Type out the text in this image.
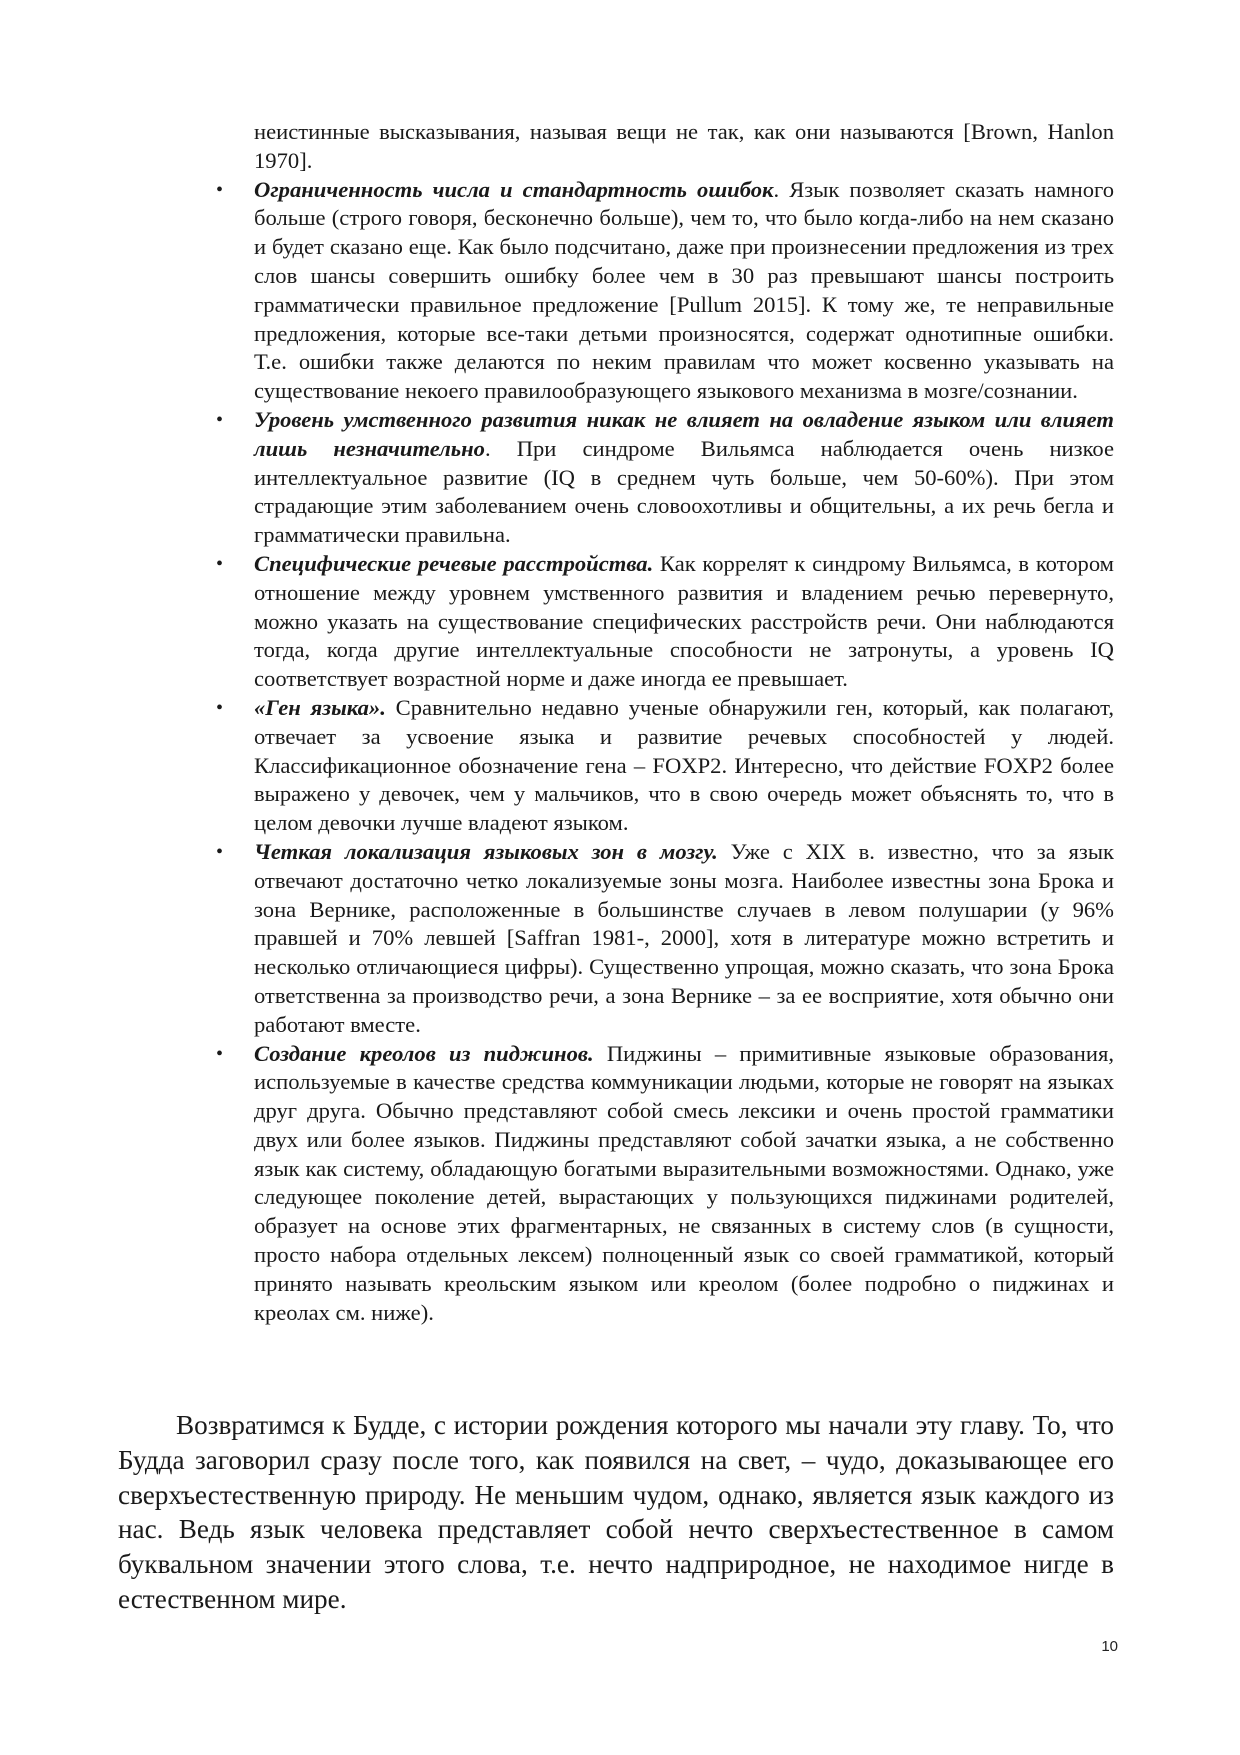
неистинные высказывания, называя вещи не так, как они называются [Brown, Hanlon 1970].

• Ограниченность числа и стандартность ошибок. Язык позволяет сказать намного больше (строго говоря, бесконечно больше), чем то, что было когда-либо на нем сказано и будет сказано еще. Как было подсчитано, даже при произнесении предложения из трех слов шансы совершить ошибку более чем в 30 раз превышают шансы построить грамматически правильное предложение [Pullum 2015]. К тому же, те неправильные предложения, которые все-таки детьми произносятся, содержат однотипные ошибки. Т.е. ошибки также делаются по неким правилам что может косвенно указывать на существование некоего правилообразующего языкового механизма в мозге/сознании.
• Уровень умственного развития никак не влияет на овладение языком или влияет лишь незначительно. При синдроме Вильямса наблюдается очень низкое интеллектуальное развитие (IQ в среднем чуть больше, чем 50-60%). При этом страдающие этим заболеванием очень словоохотливы и общительны, а их речь бегла и грамматически правильна.
• Специфические речевые расстройства. Как коррелят к синдрому Вильямса, в котором отношение между уровнем умственного развития и владением речью перевернуто, можно указать на существование специфических расстройств речи. Они наблюдаются тогда, когда другие интеллектуальные способности не затронуты, а уровень IQ соответствует возрастной норме и даже иногда ее превышает.
• «Ген языка». Сравнительно недавно ученые обнаружили ген, который, как полагают, отвечает за усвоение языка и развитие речевых способностей у людей. Классификационное обозначение гена – FOXP2. Интересно, что действие FOXP2 более выражено у девочек, чем у мальчиков, что в свою очередь может объяснять то, что в целом девочки лучше владеют языком.
• Четкая локализация языковых зон в мозгу. Уже с XIX в. известно, что за язык отвечают достаточно четко локализуемые зоны мозга. Наиболее известны зона Брока и зона Вернике, расположенные в большинстве случаев в левом полушарии (у 96% правшей и 70% левшей [Saffran 1981-, 2000], хотя в литературе можно встретить и несколько отличающиеся цифры). Существенно упрощая, можно сказать, что зона Брока ответственна за производство речи, а зона Вернике – за ее восприятие, хотя обычно они работают вместе.
• Создание креолов из пиджинов. Пиджины – примитивные языковые образования, используемые в качестве средства коммуникации людьми, которые не говорят на языках друг друга. Обычно представляют собой смесь лексики и очень простой грамматики двух или более языков. Пиджины представляют собой зачатки языка, а не собственно язык как систему, обладающую богатыми выразительными возможностями. Однако, уже следующее поколение детей, вырастающих у пользующихся пиджинами родителей, образует на основе этих фрагментарных, не связанных в систему слов (в сущности, просто набора отдельных лексем) полноценный язык со своей грамматикой, который принято называть креольским языком или креолом (более подробно о пиджинах и креолах см. ниже).

Возвратимся к Будде, с истории рождения которого мы начали эту главу. То, что Будда заговорил сразу после того, как появился на свет, – чудо, доказывающее его сверхъестественную природу. Не меньшим чудом, однако, является язык каждого из нас. Ведь язык человека представляет собой нечто сверхъестественное в самом буквальном значении этого слова, т.е. нечто надприродное, не находимое нигде в естественном мире.

10
